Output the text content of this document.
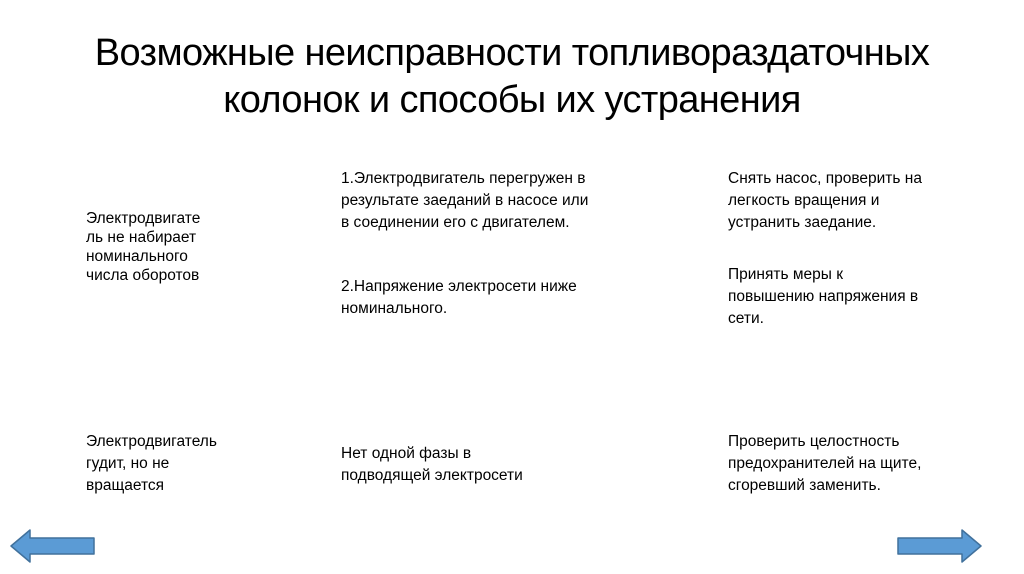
Возможные неисправности топливораздаточных
колонок и способы их устранения
Электродвигате
ль не набирает
номинального
числа оборотов
1.Электродвигатель перегружен в
результате заеданий в насосе или
в соединении его с двигателем.
2.Напряжение электросети ниже
номинального.
Снять насос, проверить на
легкость вращения и
устранить заедание.
Принять меры к
повышению напряжения в
сети.
Электродвигатель
гудит, но не
вращается
Нет одной фазы в
подводящей электросети
Проверить целостность
предохранителей на щите,
сгоревший заменить.
